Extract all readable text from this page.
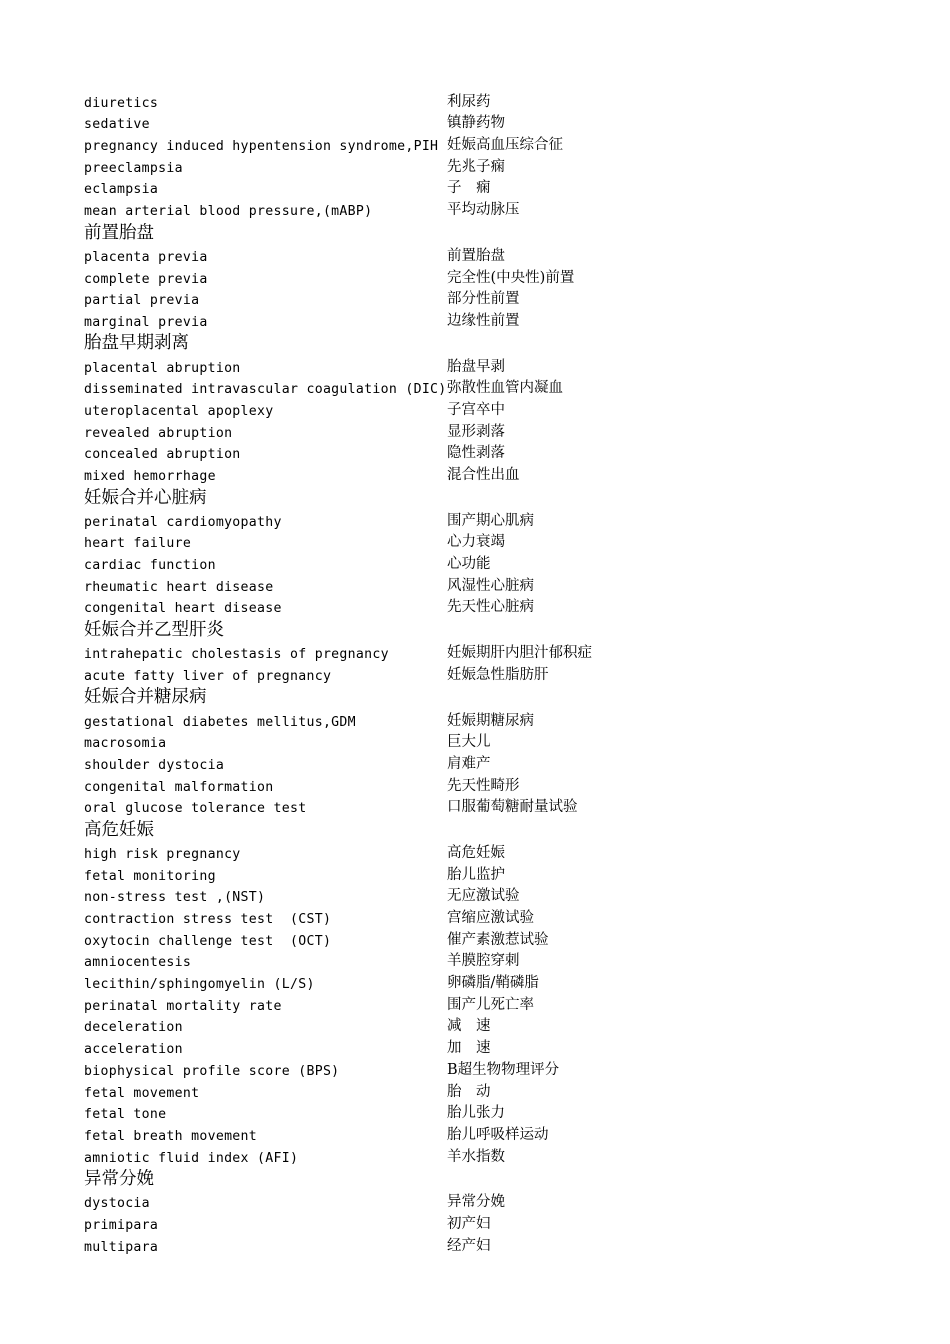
diuretics	利尿药
sedative	镇静药物
pregnancy induced hypentension syndrome,PIH 妊娠高血压综合征
preeclampsia	先兆子痫
eclampsia	子　痫
mean arterial blood pressure,(mABP)	平均动脉压
前置胎盘
placenta previa	前置胎盘
complete previa	完全性(中央性)前置
partial previa	部分性前置
marginal previa	边缘性前置
胎盘早期剥离
placental abruption	胎盘早剥
disseminated intravascular coagulation (DIC) 弥散性血管内凝血
uteroplacental apoplexy	子宫卒中
revealed abruption	显形剥落
concealed abruption	隐性剥落
mixed hemorrhage	混合性出血
妊娠合并心脏病
perinatal cardiomyopathy	围产期心肌病
heart failure	心力衰竭
cardiac function	心功能
rheumatic heart disease	风湿性心脏病
congenital heart disease	先天性心脏病
妊娠合并乙型肝炎
intrahepatic cholestasis of pregnancy	妊娠期肝内胆汁郁积症
acute fatty liver of pregnancy	妊娠急性脂肪肝
妊娠合并糖尿病
gestational diabetes mellitus,GDM	妊娠期糖尿病
macrosomia	巨大儿
shoulder dystocia	肩难产
congenital malformation	先天性畸形
oral glucose tolerance test	口服葡萄糖耐量试验
高危妊娠
high risk pregnancy	高危妊娠
fetal monitoring	胎儿监护
non-stress test ,(NST)	无应激试验
contraction stress test  (CST)	宫缩应激试验
oxytocin challenge test  (OCT)	催产素激惹试验
amniocentesis	羊膜腔穿刺
lecithin/sphingomyelin (L/S)	卵磷脂/鞘磷脂
perinatal mortality rate	围产儿死亡率
deceleration	减　速
acceleration	加　速
biophysical profile score (BPS)	B超生物物理评分
fetal movement	胎　动
fetal tone	胎儿张力
fetal breath movement	胎儿呼吸样运动
amniotic fluid index (AFI)	羊水指数
异常分娩
dystocia	异常分娩
primipara	初产妇
multipara	经产妇
